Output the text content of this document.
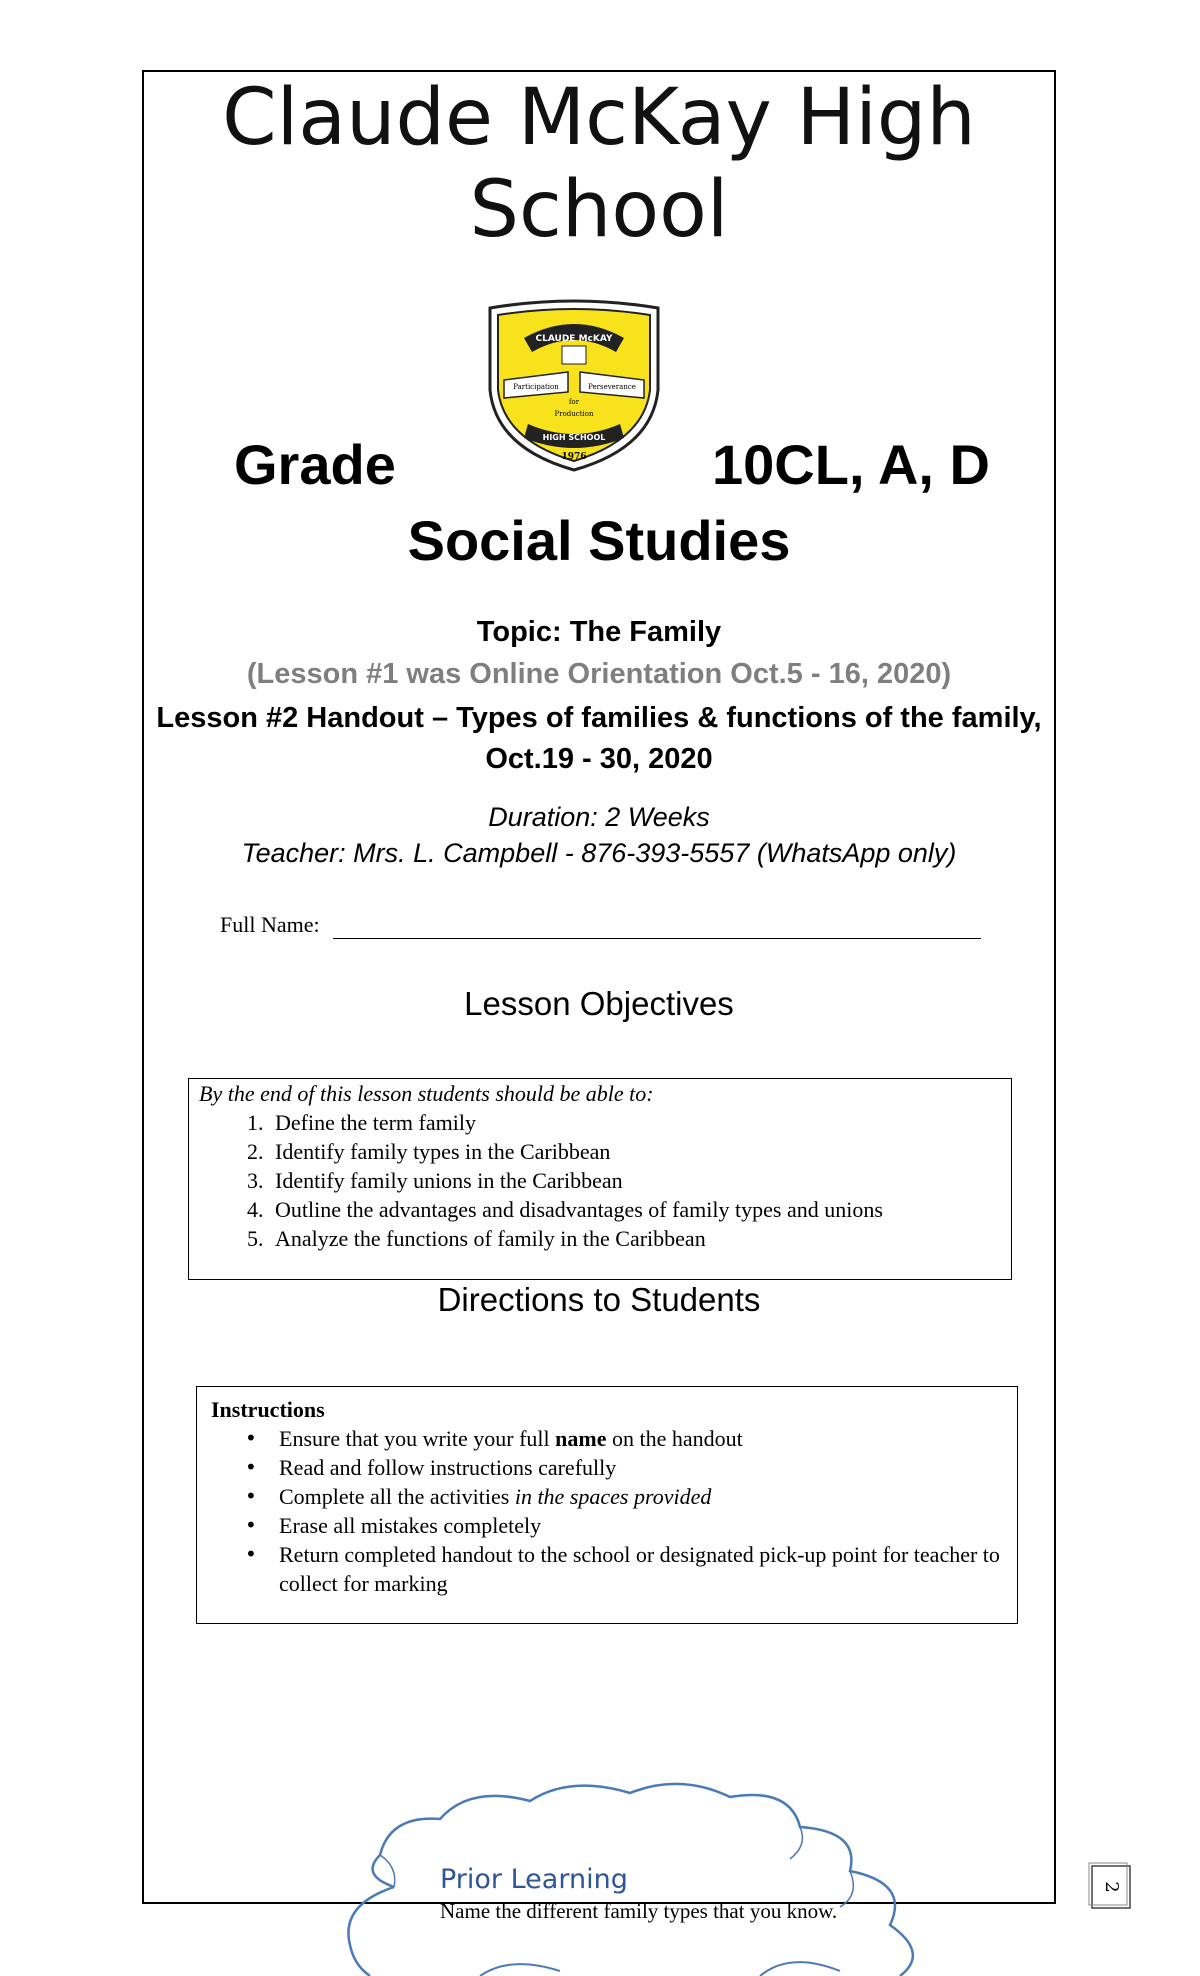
Claude McKay High School
CLAUDE McKAY
Participation	Perseverance
for
Production
HIGH SCHOOL
1976
Grade	10CL, A, D
Social Studies
Topic: The Family
(Lesson #1 was Online Orientation Oct.5 - 16, 2020)
Lesson #2 Handout – Types of families & functions of the family, Oct.19 - 30, 2020
Duration: 2 Weeks
Teacher: Mrs. L. Campbell - 876-393-5557 (WhatsApp only)
Full Name:
Lesson Objectives
By the end of this lesson students should be able to:
1. Define the term family
2. Identify family types in the Caribbean
3. Identify family unions in the Caribbean
4. Outline the advantages and disadvantages of family types and unions
5. Analyze the functions of family in the Caribbean
Directions to Students
Instructions
• Ensure that you write your full name on the handout
• Read and follow instructions carefully
• Complete all the activities in the spaces provided
• Erase all mistakes completely
• Return completed handout to the school or designated pick-up point for teacher to collect for marking
Prior Learning
Name the different family types that you know.
2
